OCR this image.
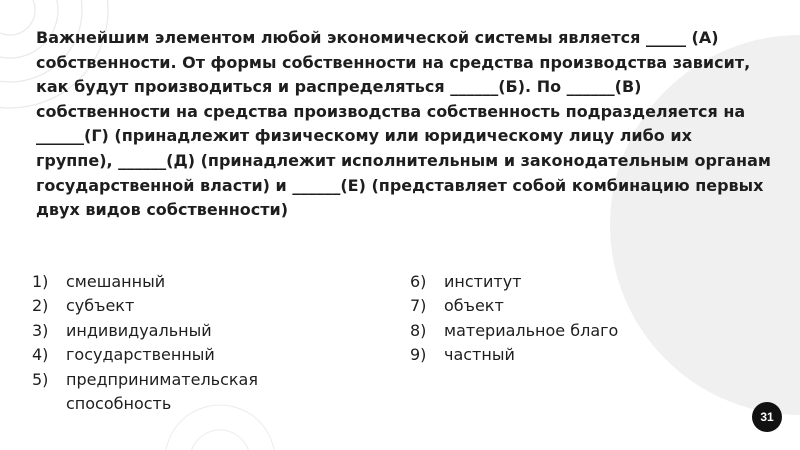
Важнейшим элементом любой экономической системы является _____ (А) собственности. От формы собственности на средства производства зависит, как будут производиться и распределяться ______(Б). По ______(В) собственности на средства производства собственность подразделяется на ______(Г) (принадлежит физическому или юридическому лицу либо их группе), ______(Д) (принадлежит исполнительным и законодательным органам государственной власти) и ______(Е) (представляет собой комбинацию первых двух видов собственности)

1)	смешанный
2)	субъект
3)	индивидуальный
4)	государственный
5)	предпринимательская способность
6)	институт
7)	объект
8)	материальное благо
9)	частный
31
